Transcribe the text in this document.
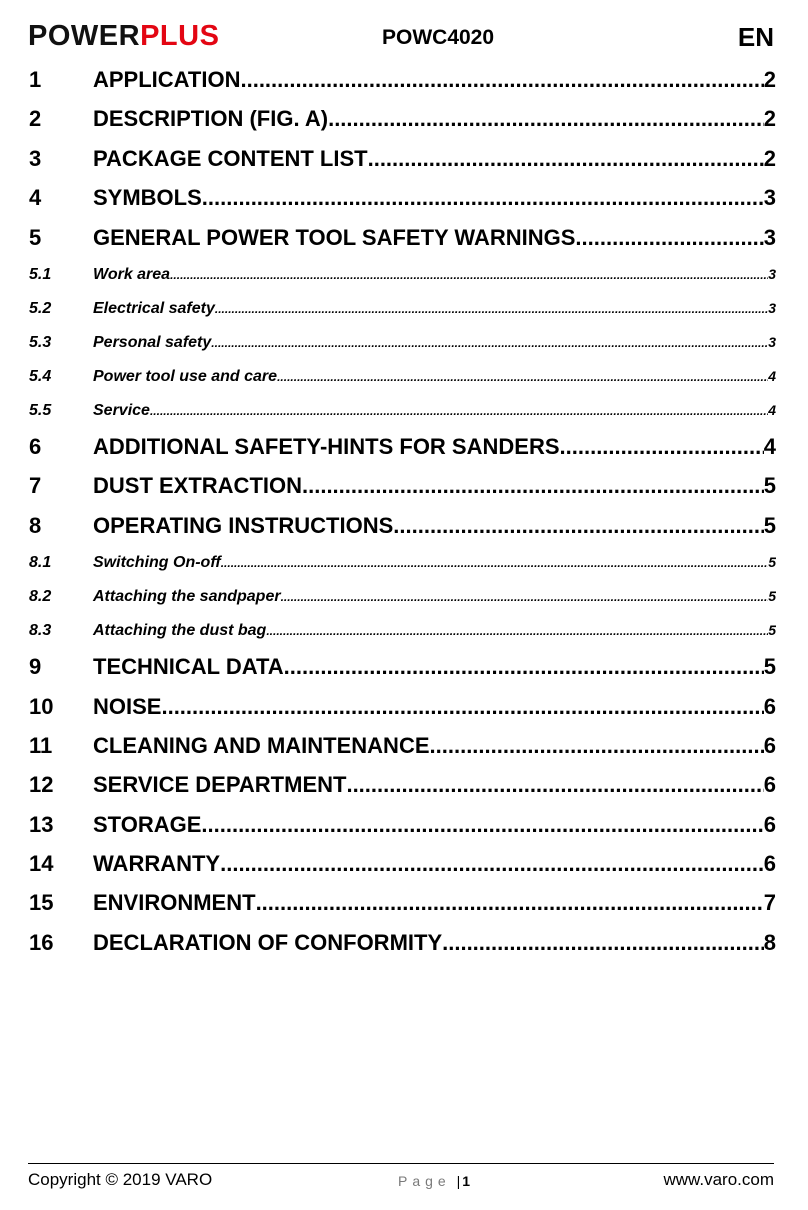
POWERPLUS	POWC4020	EN
1	APPLICATION .....	2
2	DESCRIPTION (FIG. A) .....	2
3	PACKAGE CONTENT LIST .....	2
4	SYMBOLS .....	3
5	GENERAL POWER TOOL SAFETY WARNINGS .....	3
5.1	Work area .....	3
5.2	Electrical safety .....	3
5.3	Personal safety .....	3
5.4	Power tool use and care .....	4
5.5	Service .....	4
6	ADDITIONAL SAFETY-HINTS FOR SANDERS .....	4
7	DUST EXTRACTION .....	5
8	OPERATING INSTRUCTIONS .....	5
8.1	Switching On-off .....	5
8.2	Attaching the sandpaper .....	5
8.3	Attaching the dust bag .....	5
9	TECHNICAL DATA .....	5
10	NOISE .....	6
11	CLEANING AND MAINTENANCE .....	6
12	SERVICE DEPARTMENT .....	6
13	STORAGE .....	6
14	WARRANTY .....	6
15	ENVIRONMENT .....	7
16	DECLARATION OF CONFORMITY .....	8
Copyright © 2019 VARO	Page |1	www.varo.com
